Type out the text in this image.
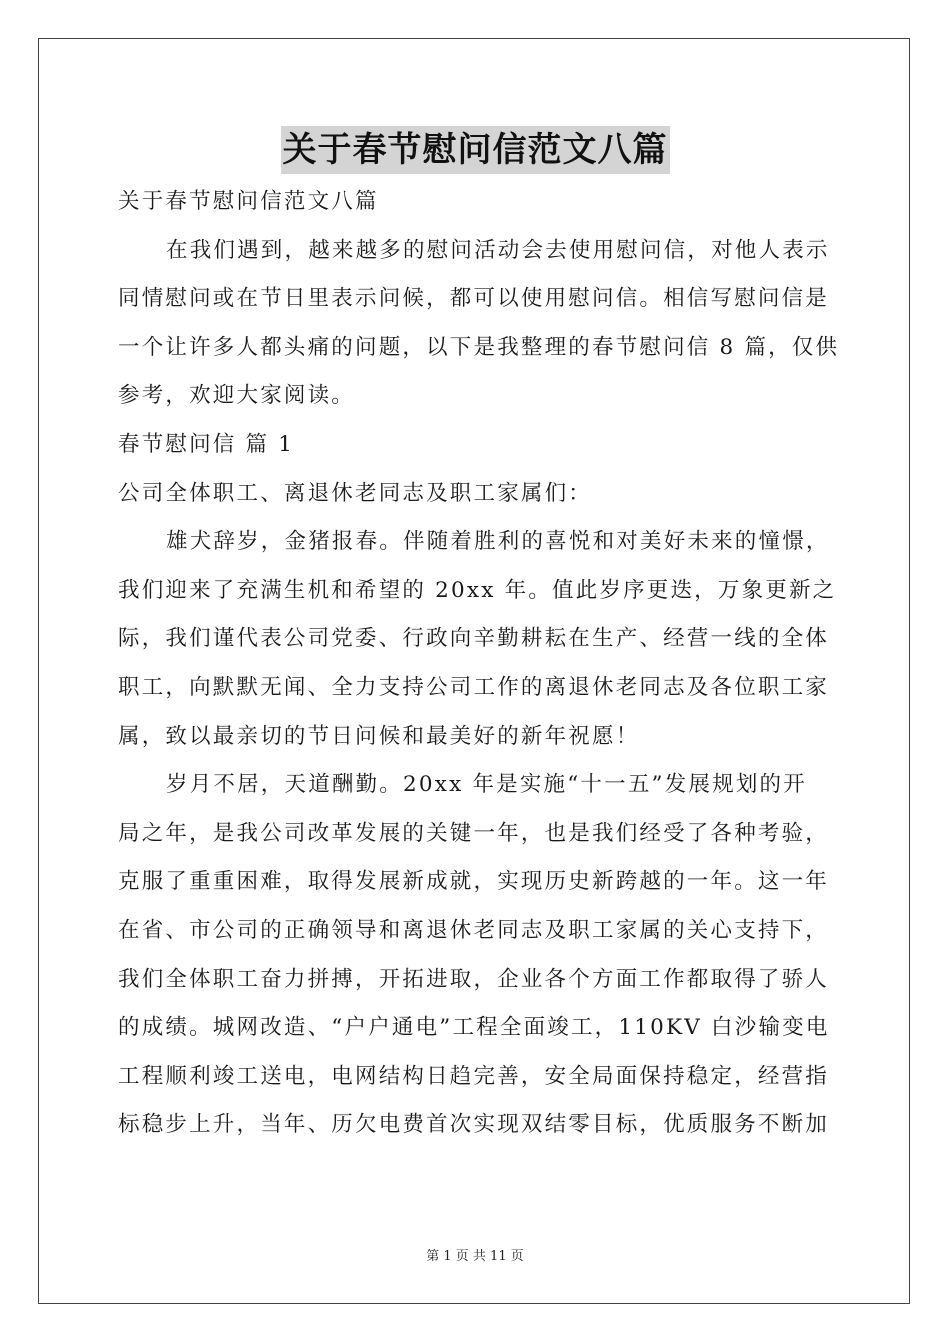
关于春节慰问信范文八篇
关于春节慰问信范文八篇
在我们遇到，越来越多的慰问活动会去使用慰问信，对他人表示
同情慰问或在节日里表示问候，都可以使用慰问信。相信写慰问信是
一个让许多人都头痛的问题，以下是我整理的春节慰问信 8 篇，仅供
参考，欢迎大家阅读。
春节慰问信 篇 1
公司全体职工、离退休老同志及职工家属们：
雄犬辞岁，金猪报春。伴随着胜利的喜悦和对美好未来的憧憬，
我们迎来了充满生机和希望的 20xx 年。值此岁序更迭，万象更新之
际，我们谨代表公司党委、行政向辛勤耕耘在生产、经营一线的全体
职工，向默默无闻、全力支持公司工作的离退休老同志及各位职工家
属，致以最亲切的节日问候和最美好的新年祝愿！
岁月不居，天道酬勤。20xx 年是实施“十一五”发展规划的开
局之年，是我公司改革发展的关键一年，也是我们经受了各种考验，
克服了重重困难，取得发展新成就，实现历史新跨越的一年。这一年
在省、市公司的正确领导和离退休老同志及职工家属的关心支持下，
我们全体职工奋力拼搏，开拓进取，企业各个方面工作都取得了骄人
的成绩。城网改造、“户户通电”工程全面竣工，110KV 白沙输变电
工程顺利竣工送电，电网结构日趋完善，安全局面保持稳定，经营指
标稳步上升，当年、历欠电费首次实现双结零目标，优质服务不断加
第 1 页 共 11 页
